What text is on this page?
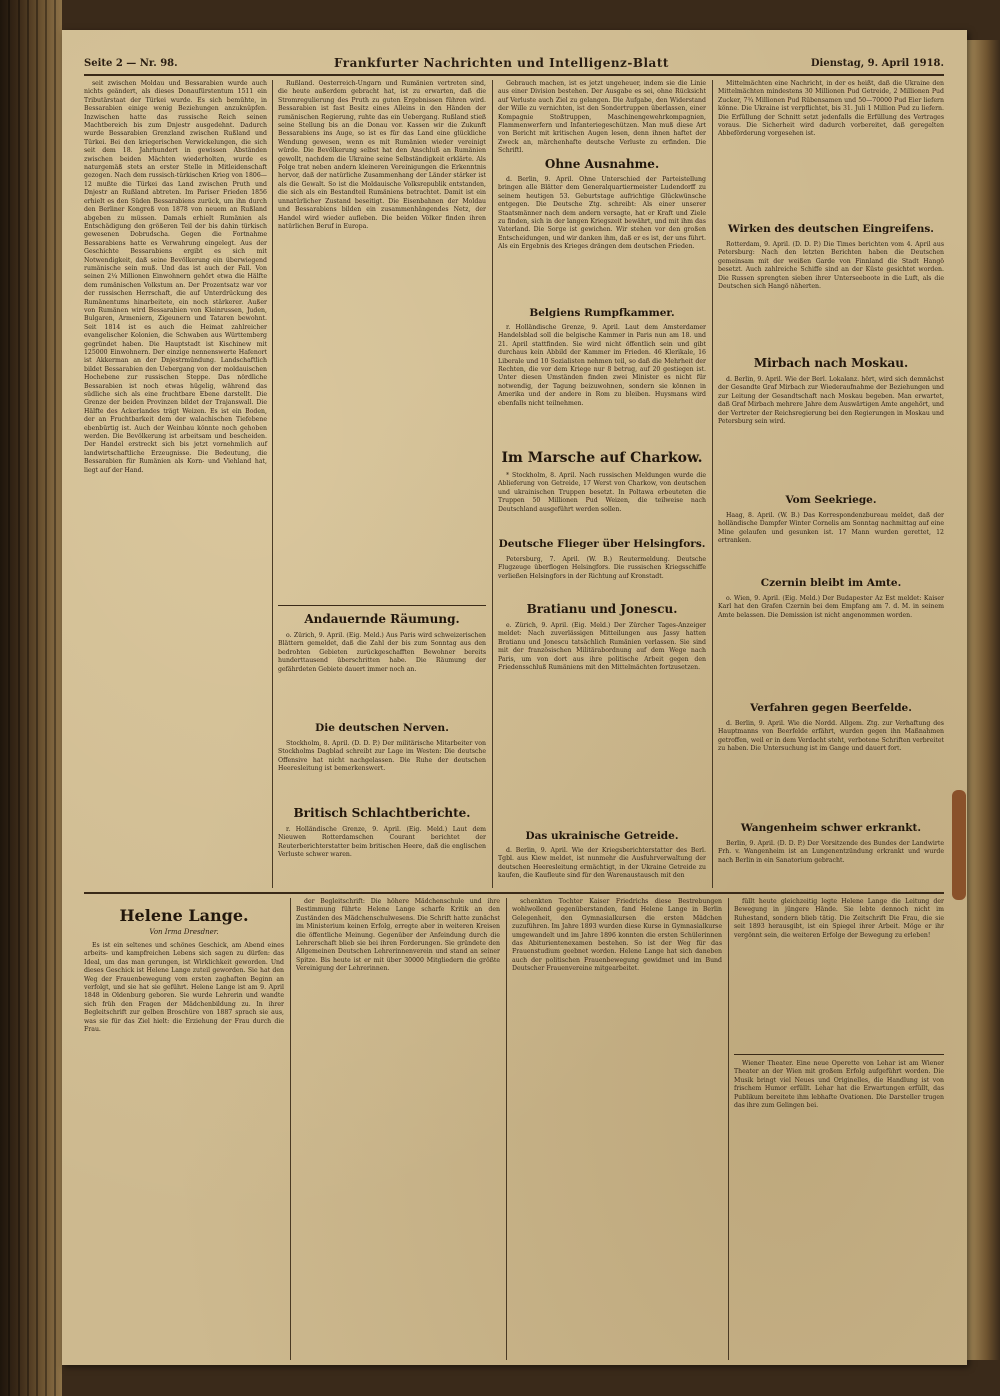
Seite 2 — Nr. 98.	Frankfurter Nachrichten und Intelligenz-Blatt	Dienstag, 9. April 1918.

seit zwischen Moldau und Bessarabien wurde auch nichts geändert, als dieses Donaufürstentum 1511 ein Tributärstaat der Türkei wurde. Es sich bemühte, in Bessarabien einige wenig Beziehungen anzuknüpfen. Inzwischen hatte das russische Reich seinen Machtbereich bis zum Dnjestr ausgedehnt. Dadurch wurde Bessarabien Grenzland zwischen Rußland und Türkei. Bei den kriegerischen Verwickelungen, die sich seit dem 18. Jahrhundert in gewissen Abständen zwischen beiden Mächten wiederholten, wurde es naturgemäß stets an erster Stelle in Mitleidenschaft gezogen. Nach dem russisch-türkischen Krieg von 1806—12 mußte die Türkei das Land zwischen Pruth und Dnjestr an Rußland abtreten. Im Pariser Frieden 1856 erhielt es den Süden Bessarabiens zurück, um ihn durch den Berliner Kongreß von 1878 von neuem an Rußland abgeben zu müssen. Damals erhielt Rumänien als Entschädigung den größeren Teil der bis dahin türkisch gewesenen Dobrudscha. Gegen die Fortnahme Bessarabiens hatte es Verwahrung eingelegt. Aus der Geschichte Bessarabiens ergibt es sich mit Notwendigkeit, daß seine Bevölkerung ein überwiegend rumänische sein muß. Und das ist auch der Fall. Von seinen 2¼ Millionen Einwohnern gehört etwa die Hälfte dem rumänischen Volkstum an. Der Prozentsatz war vor der russischen Herrschaft, die auf Unterdrückung des Rumänentums hinarbeitete, ein noch stärkerer. Außer von Rumänen wird Bessarabien von Kleinrussen, Juden, Bulgaren, Armeniern, Zigeunern und Tataren bewohnt. Seit 1814 ist es auch die Heimat zahlreicher evangelischer Kolonien, die Schwaben aus Württemberg gegründet haben. Die Hauptstadt ist Kischinew mit 125000 Einwohnern. Der einzige nennenswerte Hafenort ist Akkerman an der Dnjestrmündung. Landschaftlich bildet Bessarabien den Uebergang von der moldauischen Hochebene zur russischen Steppe. Das nördliche Bessarabien ist noch etwas hügelig, während das südliche sich als eine fruchtbare Ebene darstellt. Die Grenze der beiden Provinzen bildet der Trajanswall. Die Hälfte des Ackerlandes trägt Weizen. Es ist ein Boden, der an Fruchtbarkeit dem der walachischen Tiefebene ebenbürtig ist. Auch der Weinbau könnte noch gehoben werden. Die Bevölkerung ist arbeitsam und bescheiden. Der Handel erstreckt sich bis jetzt vornehmlich auf landwirtschaftliche Erzeugnisse. Die Bedeutung, die Bessarabien für Rumänien als Korn- und Viehland hat, liegt auf der Hand.

Rußland. Oesterreich-Ungarn und Rumänien vertreten sind, die heute außerdem gebracht hat, ist zu erwarten, daß die Stromregulierung des Pruth zu guten Ergebnissen führen wird. Bessarabien ist fast Besitz eines Alleins in den Händen der rumänischen Regierung, ruhte das ein Uebergang. Rußland stieß seine Stellung bis an die Donau vor. Kassen wir die Zukunft Bessarabiens ins Auge, so ist es für das Land eine glückliche Wendung gewesen, wenn es mit Rumänien wieder vereinigt würde. Die Bevölkerung selbst hat den Anschluß an Rumänien gewollt, nachdem die Ukraine seine Selbständigkeit erklärte. Als Folge trat neben andern kleineren Vereinigungen die Erkenntnis hervor, daß der natürliche Zusammenhang der Länder stärker ist als die Gewalt. So ist die Moldauische Volksrepublik entstanden, die sich als ein Bestandteil Rumäniens betrachtet. Damit ist ein unnatürlicher Zustand beseitigt. Die Eisenbahnen der Moldau und Bessarabiens bilden ein zusammenhängendes Netz, der Handel wird wieder aufleben. Die beiden Völker finden ihren natürlichen Beruf in Europa.

Andauernde Räumung.

o. Zürich, 9. April. (Eig. Meld.) Aus Paris wird schweizerischen Blättern gemeldet, daß die Zahl der bis zum Sonntag aus den bedrohten Gebieten zurückgeschafften Bewohner bereits hunderttausend überschritten habe. Die Räumung der gefährdeten Gebiete dauert immer noch an.

Die deutschen Nerven.

Stockholm, 8. April. (D. D. P.) Der militärische Mitarbeiter von Stockholms Dagblad schreibt zur Lage im Westen: Die deutsche Offensive hat nicht nachgelassen. Die Ruhe der deutschen Heeresleitung ist bemerkenswert.

Britisch Schlachtberichte.

r. Holländische Grenze, 9. April. (Eig. Meld.) Laut dem Nieuwen Rotterdamschen Courant berichtet der Reuterberichterstatter beim britischen Heere, daß die englischen Verluste schwer waren.

Gebrauch machen, ist es jetzt ungeheuer, indem sie die Linie aus einer Division bestehen. Der Ausgabe es sei, ohne Rücksicht auf Verluste auch Ziel zu gelangen. Die Aufgabe, den Widerstand der Wille zu vernichten, ist den Sondertruppen überlassen, einer Kompagnie Stoßtruppen, Maschinengewehrkompagnien, Flammenwerfern und Infanteriegeschützen. Man muß diese Art von Bericht mit kritischen Augen lesen, denn ihnen haftet der Zweck an, märchenhafte deutsche Verluste zu erfinden. Die Schriftl.

Ohne Ausnahme.

d. Berlin, 9. April. Ohne Unterschied der Parteistellung bringen alle Blätter dem Generalquartiermeister Ludendorff zu seinem heutigen 53. Geburtstage aufrichtige Glückwünsche entgegen. Die Deutsche Ztg. schreibt: Als einer unserer Staatsmänner nach dem andern versagte, hat er Kraft und Ziele zu finden, sich in der langen Kriegszeit bewährt, und mit ihm das Vaterland. Die Sorge ist gewichen. Wir stehen vor den großen Entscheidungen, und wir danken ihm, daß er es ist, der uns führt. Als ein Ergebnis des Krieges drängen dem deutschen Frieden.

Belgiens Rumpfkammer.

r. Holländische Grenze, 9. April. Laut dem Amsterdamer Handelsblad soll die belgische Kammer in Paris nun am 18. und 21. April stattfinden. Sie wird nicht öffentlich sein und gibt durchaus kein Abbild der Kammer im Frieden. 46 Klerikale, 16 Liberale und 10 Sozialisten nehmen teil, so daß die Mehrheit der Rechten, die vor dem Kriege nur 8 betrug, auf 20 gestiegen ist. Unter diesen Umständen finden zwei Minister es nicht für notwendig, der Tagung beizuwohnen, sondern sie können in Amerika und der andere in Rom zu bleiben. Huysmans wird ebenfalls nicht teilnehmen.

Im Marsche auf Charkow.

* Stockholm, 8. April. Nach russischen Meldungen wurde die Ablieferung von Getreide, 17 Werst von Charkow, von deutschen und ukrainischen Truppen besetzt. In Poltawa erbeuteten die Truppen 50 Millionen Pud Weizen, die teilweise nach Deutschland ausgeführt werden sollen.

Deutsche Flieger über Helsingfors.

Petersburg, 7. April. (W. B.) Reutermeldung. Deutsche Flugzeuge überflogen Helsingfors. Die russischen Kriegsschiffe verließen Helsingfors in der Richtung auf Kronstadt.

Bratianu und Jonescu.

e. Zürich, 9. April. (Eig. Meld.) Der Zürcher Tages-Anzeiger meldet: Nach zuverlässigen Mitteilungen aus Jassy hatten Bratianu und Jonescu tatsächlich Rumänien verlassen. Sie sind mit der französischen Militärabordnung auf dem Wege nach Paris, um von dort aus ihre politische Arbeit gegen den Friedensschluß Rumäniens mit den Mittelmächten fortzusetzen.

Das ukrainische Getreide.

d. Berlin, 9. April. Wie der Kriegsberichterstatter des Berl. Tgbl. aus Kiew meldet, ist nunmehr die Ausfuhrverwaltung der deutschen Heeresleitung ermächtigt, in der Ukraine Getreide zu kaufen, die Kaufleute sind für den Warenaustausch mit den

Mittelmächten eine Nachricht, in der es heißt, daß die Ukraine den Mittelmächten mindestens 30 Millionen Pud Getreide, 2 Millionen Pud Zucker, 7¾ Millionen Pud Rübensamen und 50—70000 Pud Eier liefern könne. Die Ukraine ist verpflichtet, bis 31. Juli 1 Million Pud zu liefern. Die Erfüllung der Schnitt setzt jedenfalls die Erfüllung des Vertrages voraus. Die Sicherheit wird dadurch vorbereitet, daß geregelten Abbeförderung vorgesehen ist.

Wirken des deutschen Eingreifens.

Rotterdam, 9. April. (D. D. P.) Die Times berichten vom 4. April aus Petersburg: Nach den letzten Berichten haben die Deutschen gemeinsam mit der weißen Garde von Finnland die Stadt Hangö besetzt. Auch zahlreiche Schiffe sind an der Küste gesichtet worden. Die Russen sprengten sieben ihrer Unterseeboote in die Luft, als die Deutschen sich Hangö näherten.

Mirbach nach Moskau.

d. Berlin, 9. April. Wie der Berl. Lokalanz. hört, wird sich demnächst der Gesandte Graf Mirbach zur Wiederaufnahme der Beziehungen und zur Leitung der Gesandtschaft nach Moskau begeben. Man erwartet, daß Graf Mirbach mehrere Jahre dem Auswärtigen Amte angehört, und der Vertreter der Reichsregierung bei den Regierungen in Moskau und Petersburg sein wird.

Vom Seekriege.

Haag, 8. April. (W. B.) Das Korrespondenzbureau meldet, daß der holländische Dampfer Winter Cornelis am Sonntag nachmittag auf eine Mine gelaufen und gesunken ist. 17 Mann wurden gerettet, 12 ertranken.

Czernin bleibt im Amte.

o. Wien, 9. April. (Eig. Meld.) Der Budapester Az Est meldet: Kaiser Karl hat den Grafen Czernin bei dem Empfang am 7. d. M. in seinem Amte belassen. Die Demission ist nicht angenommen worden.

Verfahren gegen Beerfelde.

d. Berlin, 9. April. Wie die Nordd. Allgem. Ztg. zur Verhaftung des Hauptmanns von Beerfelde erfährt, wurden gegen ihn Maßnahmen getroffen, weil er in dem Verdacht steht, verbotene Schriften verbreitet zu haben. Die Untersuchung ist im Gange und dauert fort.

Wangenheim schwer erkrankt.

Berlin, 9. April. (D. D. P.) Der Vorsitzende des Bundes der Landwirte Frh. v. Wangenheim ist an Lungenentzündung erkrankt und wurde nach Berlin in ein Sanatorium gebracht.

Helene Lange.
Von Irma Dresdner.

Es ist ein seltenes und schönes Geschick, am Abend eines arbeits- und kampfreichen Lebens sich sagen zu dürfen: das Ideal, um das man gerungen, ist Wirklichkeit geworden. Und dieses Geschick ist Helene Lange zuteil geworden. Sie hat den Weg der Frauenbewegung vom ersten zaghaften Beginn an verfolgt, und sie hat sie geführt. Helene Lange ist am 9. April 1848 in Oldenburg geboren. Sie wurde Lehrerin und wandte sich früh den Fragen der Mädchenbildung zu. In ihrer Begleitschrift zur gelben Broschüre von 1887 sprach sie aus, was sie für das Ziel hielt: die Erziehung der Frau durch die Frau.

der Begleitschrift: Die höhere Mädchenschule und ihre Bestimmung führte Helene Lange scharfe Kritik an den Zuständen des Mädchenschulwesens. Die Schrift hatte zunächst im Ministerium keinen Erfolg, erregte aber in weiteren Kreisen die öffentliche Meinung. Gegenüber der Anfeindung durch die Lehrerschaft blieb sie bei ihren Forderungen. Sie gründete den Allgemeinen Deutschen Lehrerinnenverein und stand an seiner Spitze. Bis heute ist er mit über 30000 Mitgliedern die größte Vereinigung der Lehrerinnen.

schenkten Tochter Kaiser Friedrichs diese Bestrebungen wohlwollend gegenüberstanden, fand Helene Lange in Berlin Gelegenheit, den Gymnasialkursen die ersten Mädchen zuzuführen. Im Jahre 1893 wurden diese Kurse in Gymnasialkurse umgewandelt und im Jahre 1896 konnten die ersten Schülerinnen das Abiturientenexamen bestehen. So ist der Weg für das Frauenstudium geebnet worden. Helene Lange hat sich daneben auch der politischen Frauenbewegung gewidmet und im Bund Deutscher Frauenvereine mitgearbeitet.

füllt heute gleichzeitig legte Helene Lange die Leitung der Bewegung in jüngere Hände. Sie lebte dennoch nicht im Ruhestand, sondern blieb tätig. Die Zeitschrift Die Frau, die sie seit 1893 herausgibt, ist ein Spiegel ihrer Arbeit. Möge er ihr vergönnt sein, die weiteren Erfolge der Bewegung zu erleben!

Wiener Theater. Eine neue Operette von Lehar ist am Wiener Theater an der Wien mit großem Erfolg aufgeführt worden. Die Musik bringt viel Neues und Originelles, die Handlung ist von frischem Humor erfüllt. Lehar hat die Erwartungen erfüllt, das Publikum bereitete ihm lebhafte Ovationen. Die Darsteller trugen das ihre zum Gelingen bei.
